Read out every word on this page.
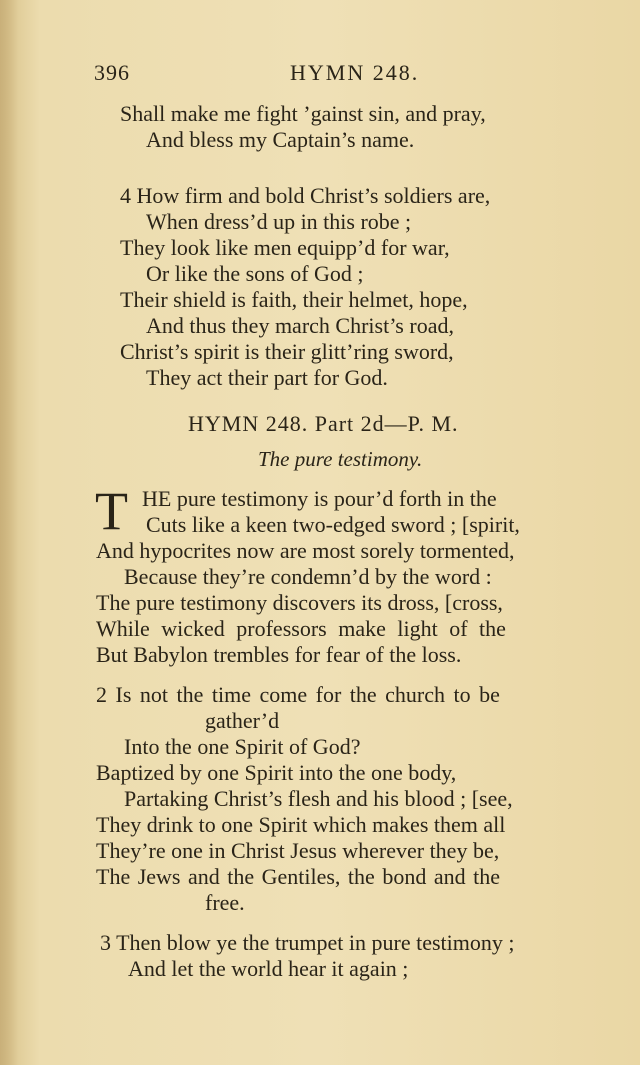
396	HYMN 248.
Shall make me fight ’gainst sin, and pray,
And bless my Captain’s name.
4 How firm and bold Christ’s soldiers are,
When dress’d up in this robe ;
They look like men equipp’d for war,
Or like the sons of God ;
Their shield is faith, their helmet, hope,
And thus they march Christ’s road,
Christ’s spirit is their glitt’ring sword,
They act their part for God.
HYMN 248. Part 2d—P. M.
The pure testimony.
T HE pure testimony is pour’d forth in the
Cuts like a keen two-edged sword ; [spirit,
And hypocrites now are most sorely tormented,
Because they’re condemn’d by the word :
The pure testimony discovers its dross, [cross,
While wicked professors make light of the
But Babylon trembles for fear of the loss.
2 Is not the time come for the church to be
gather’d
Into the one Spirit of God?
Baptized by one Spirit into the one body,
Partaking Christ’s flesh and his blood ; [see,
They drink to one Spirit which makes them all
They’re one in Christ Jesus wherever they be,
The Jews and the Gentiles, the bond and the
free.
3 Then blow ye the trumpet in pure testimony ;
And let the world hear it again ;
